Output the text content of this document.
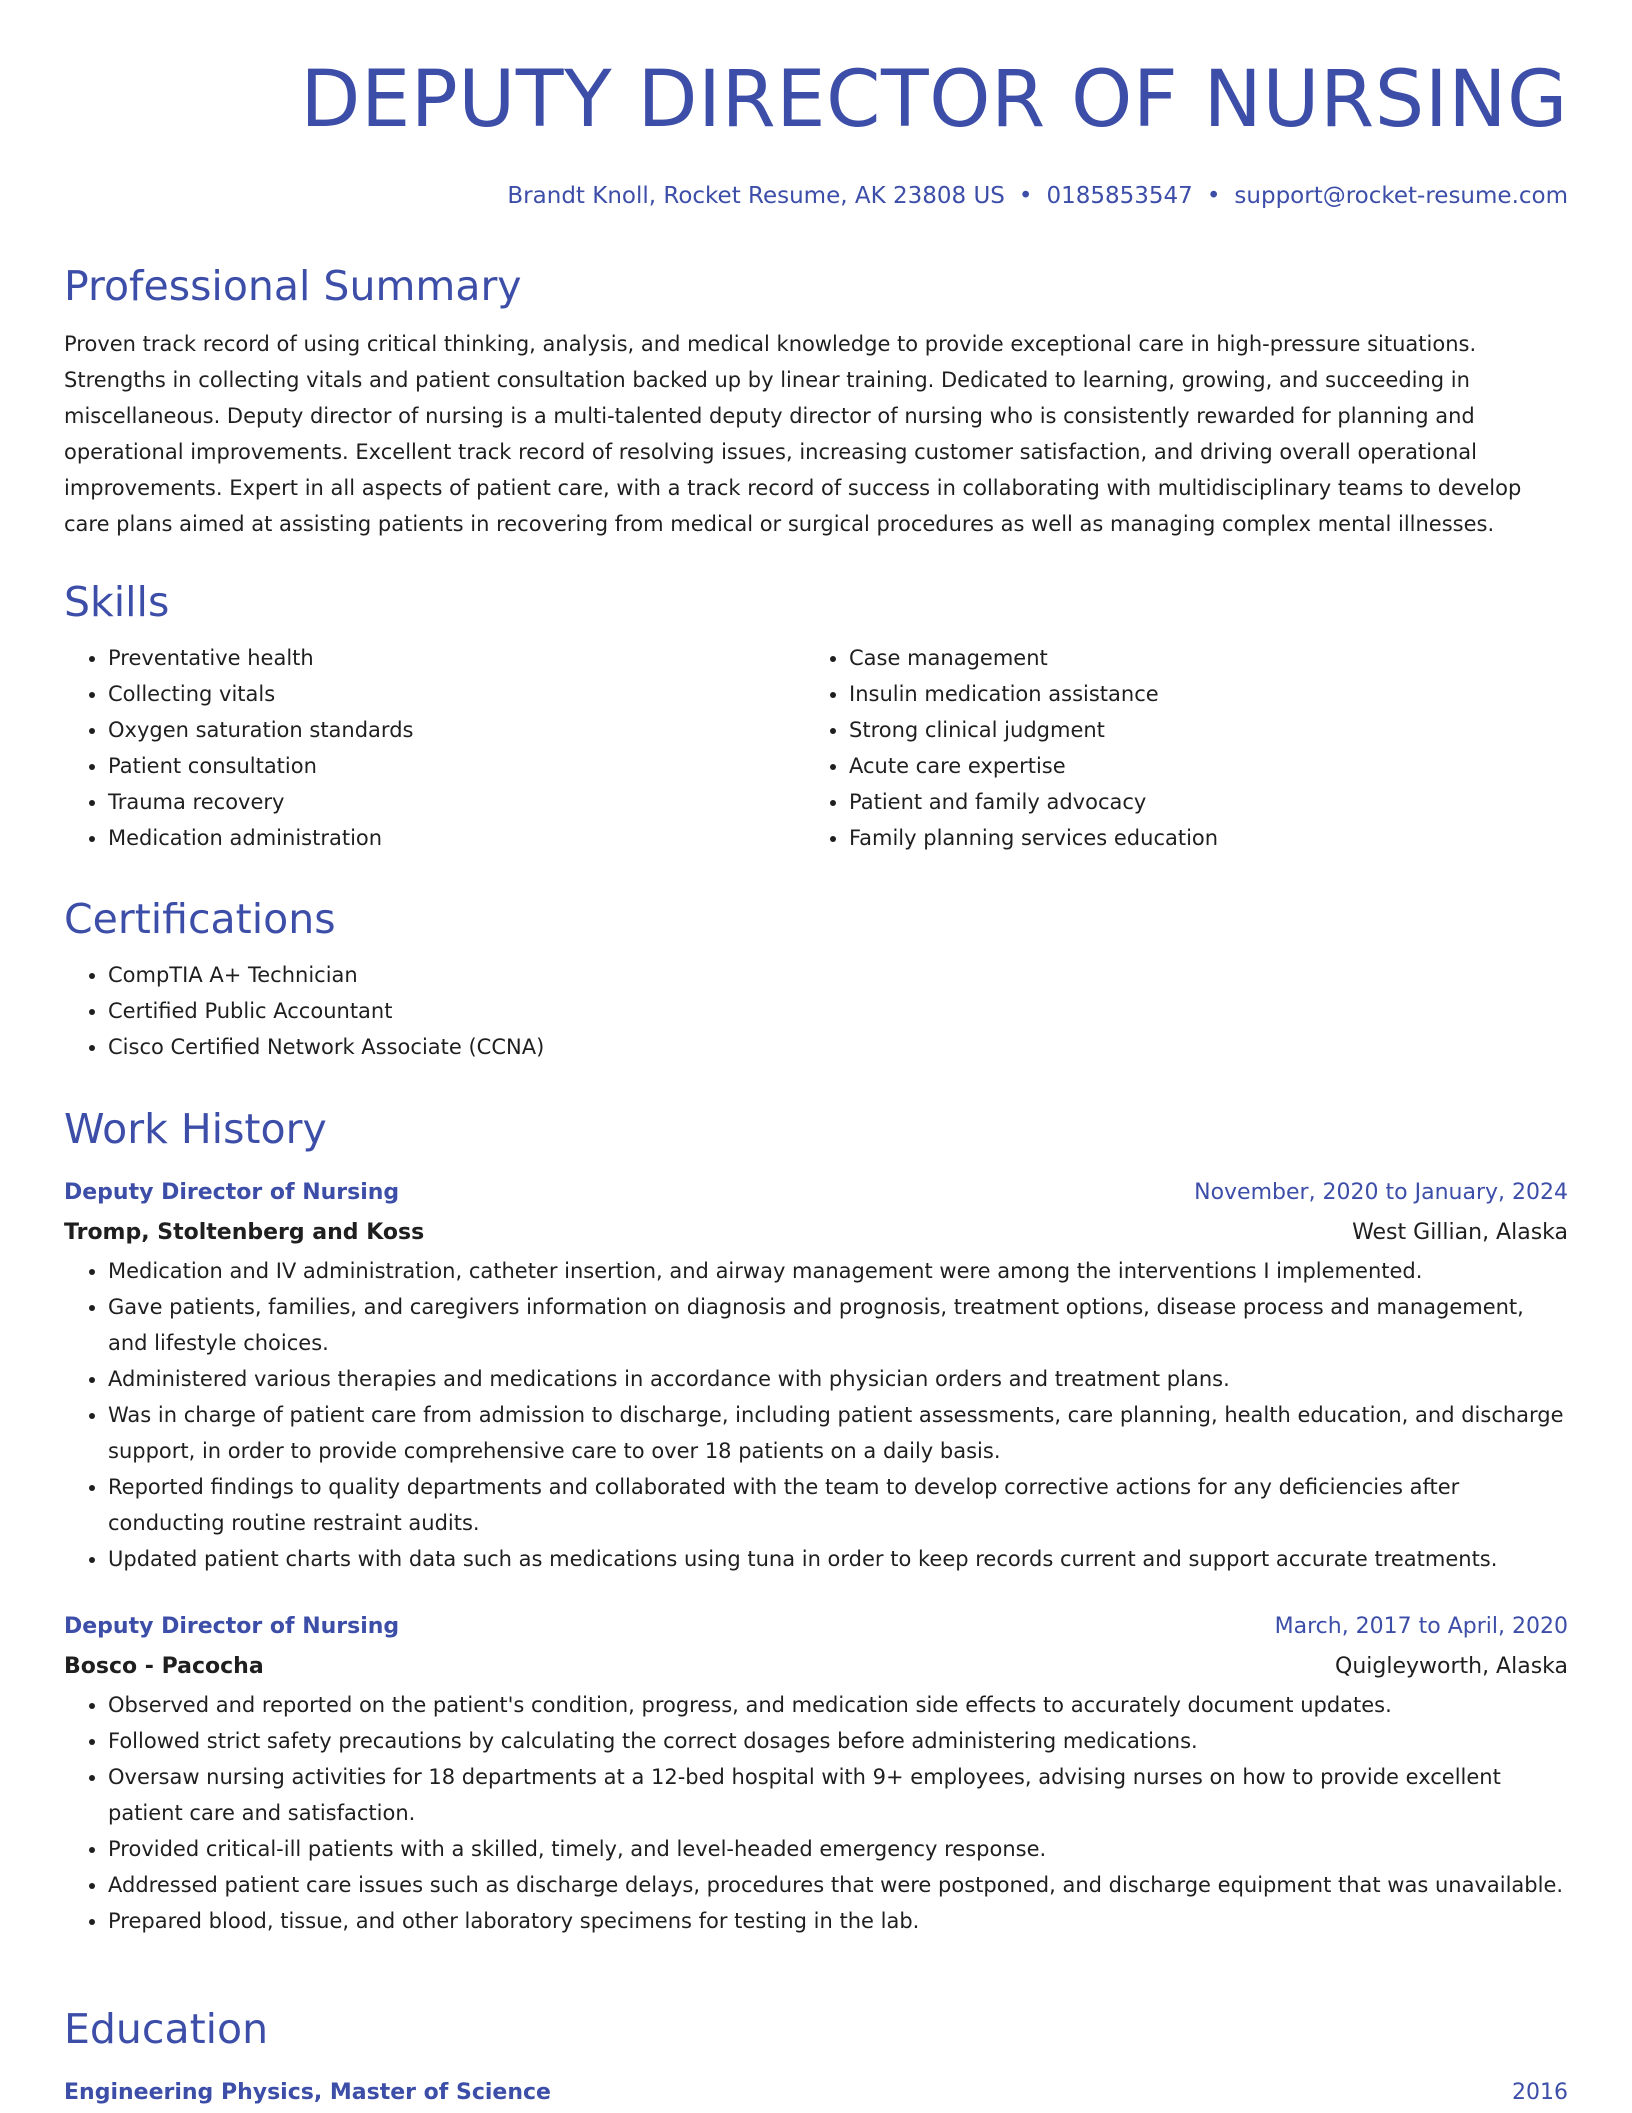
DEPUTY DIRECTOR OF NURSING
Brandt Knoll, Rocket Resume, AK 23808 US • 0185853547 • support@rocket-resume.com
Professional Summary

Proven track record of using critical thinking, analysis, and medical knowledge to provide exceptional care in high-pressure situations. Strengths in collecting vitals and patient consultation backed up by linear training. Dedicated to learning, growing, and succeeding in miscellaneous. Deputy director of nursing is a multi-talented deputy director of nursing who is consistently rewarded for planning and operational improvements. Excellent track record of resolving issues, increasing customer satisfaction, and driving overall operational improvements. Expert in all aspects of patient care, with a track record of success in collaborating with multidisciplinary teams to develop care plans aimed at assisting patients in recovering from medical or surgical procedures as well as managing complex mental illnesses.

Skills
• Preventative health
• Collecting vitals
• Oxygen saturation standards
• Patient consultation
• Trauma recovery
• Medication administration
• Case management
• Insulin medication assistance
• Strong clinical judgment
• Acute care expertise
• Patient and family advocacy
• Family planning services education
Certifications
• CompTIA A+ Technician
• Certified Public Accountant
• Cisco Certified Network Associate (CCNA)
Work History
Deputy Director of Nursing	November, 2020 to January, 2024
Tromp, Stoltenberg and Koss	West Gillian, Alaska
• Medication and IV administration, catheter insertion, and airway management were among the interventions I implemented.
• Gave patients, families, and caregivers information on diagnosis and prognosis, treatment options, disease process and management, and lifestyle choices.
• Administered various therapies and medications in accordance with physician orders and treatment plans.
• Was in charge of patient care from admission to discharge, including patient assessments, care planning, health education, and discharge support, in order to provide comprehensive care to over 18 patients on a daily basis.
• Reported findings to quality departments and collaborated with the team to develop corrective actions for any deficiencies after conducting routine restraint audits.
• Updated patient charts with data such as medications using tuna in order to keep records current and support accurate treatments.
Deputy Director of Nursing	March, 2017 to April, 2020
Bosco - Pacocha	Quigleyworth, Alaska
• Observed and reported on the patient's condition, progress, and medication side effects to accurately document updates.
• Followed strict safety precautions by calculating the correct dosages before administering medications.
• Oversaw nursing activities for 18 departments at a 12-bed hospital with 9+ employees, advising nurses on how to provide excellent patient care and satisfaction.
• Provided critical-ill patients with a skilled, timely, and level-headed emergency response.
• Addressed patient care issues such as discharge delays, procedures that were postponed, and discharge equipment that was unavailable.
• Prepared blood, tissue, and other laboratory specimens for testing in the lab.
Education
Engineering Physics, Master of Science	2016
